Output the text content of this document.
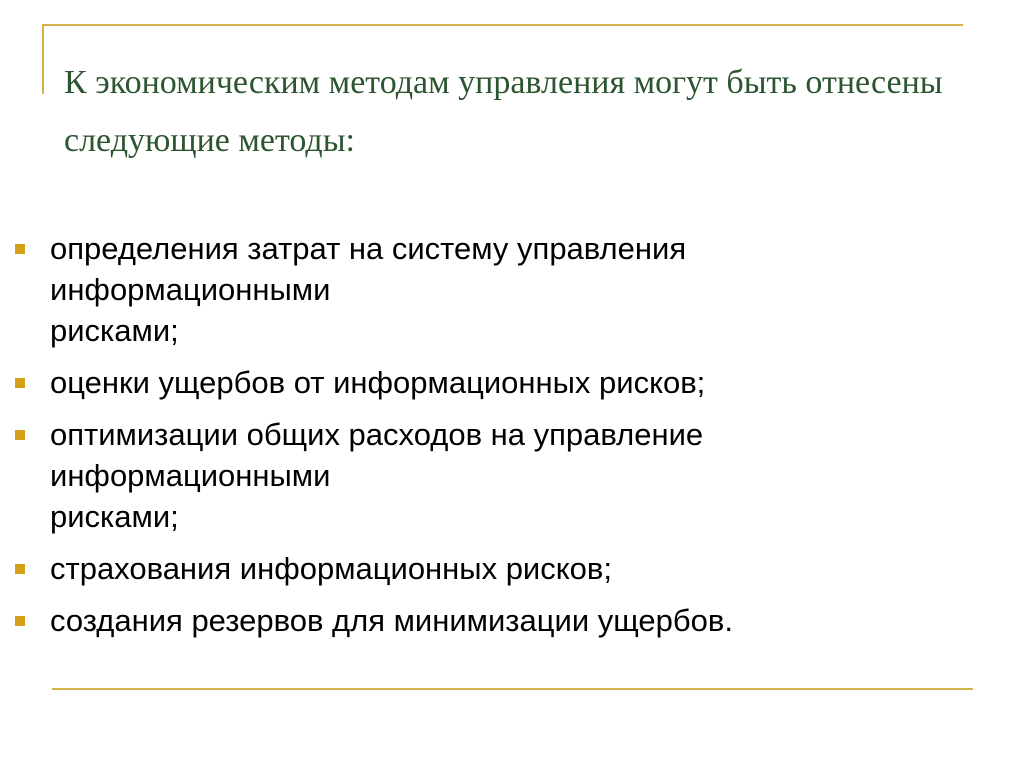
К экономическим методам управления могут быть отнесены следующие методы:
определения затрат на систему управления
информационными
рисками;
оценки ущербов от информационных рисков;
оптимизации общих расходов на управление
информационными
рисками;
страхования информационных рисков;
создания резервов для минимизации ущербов.
